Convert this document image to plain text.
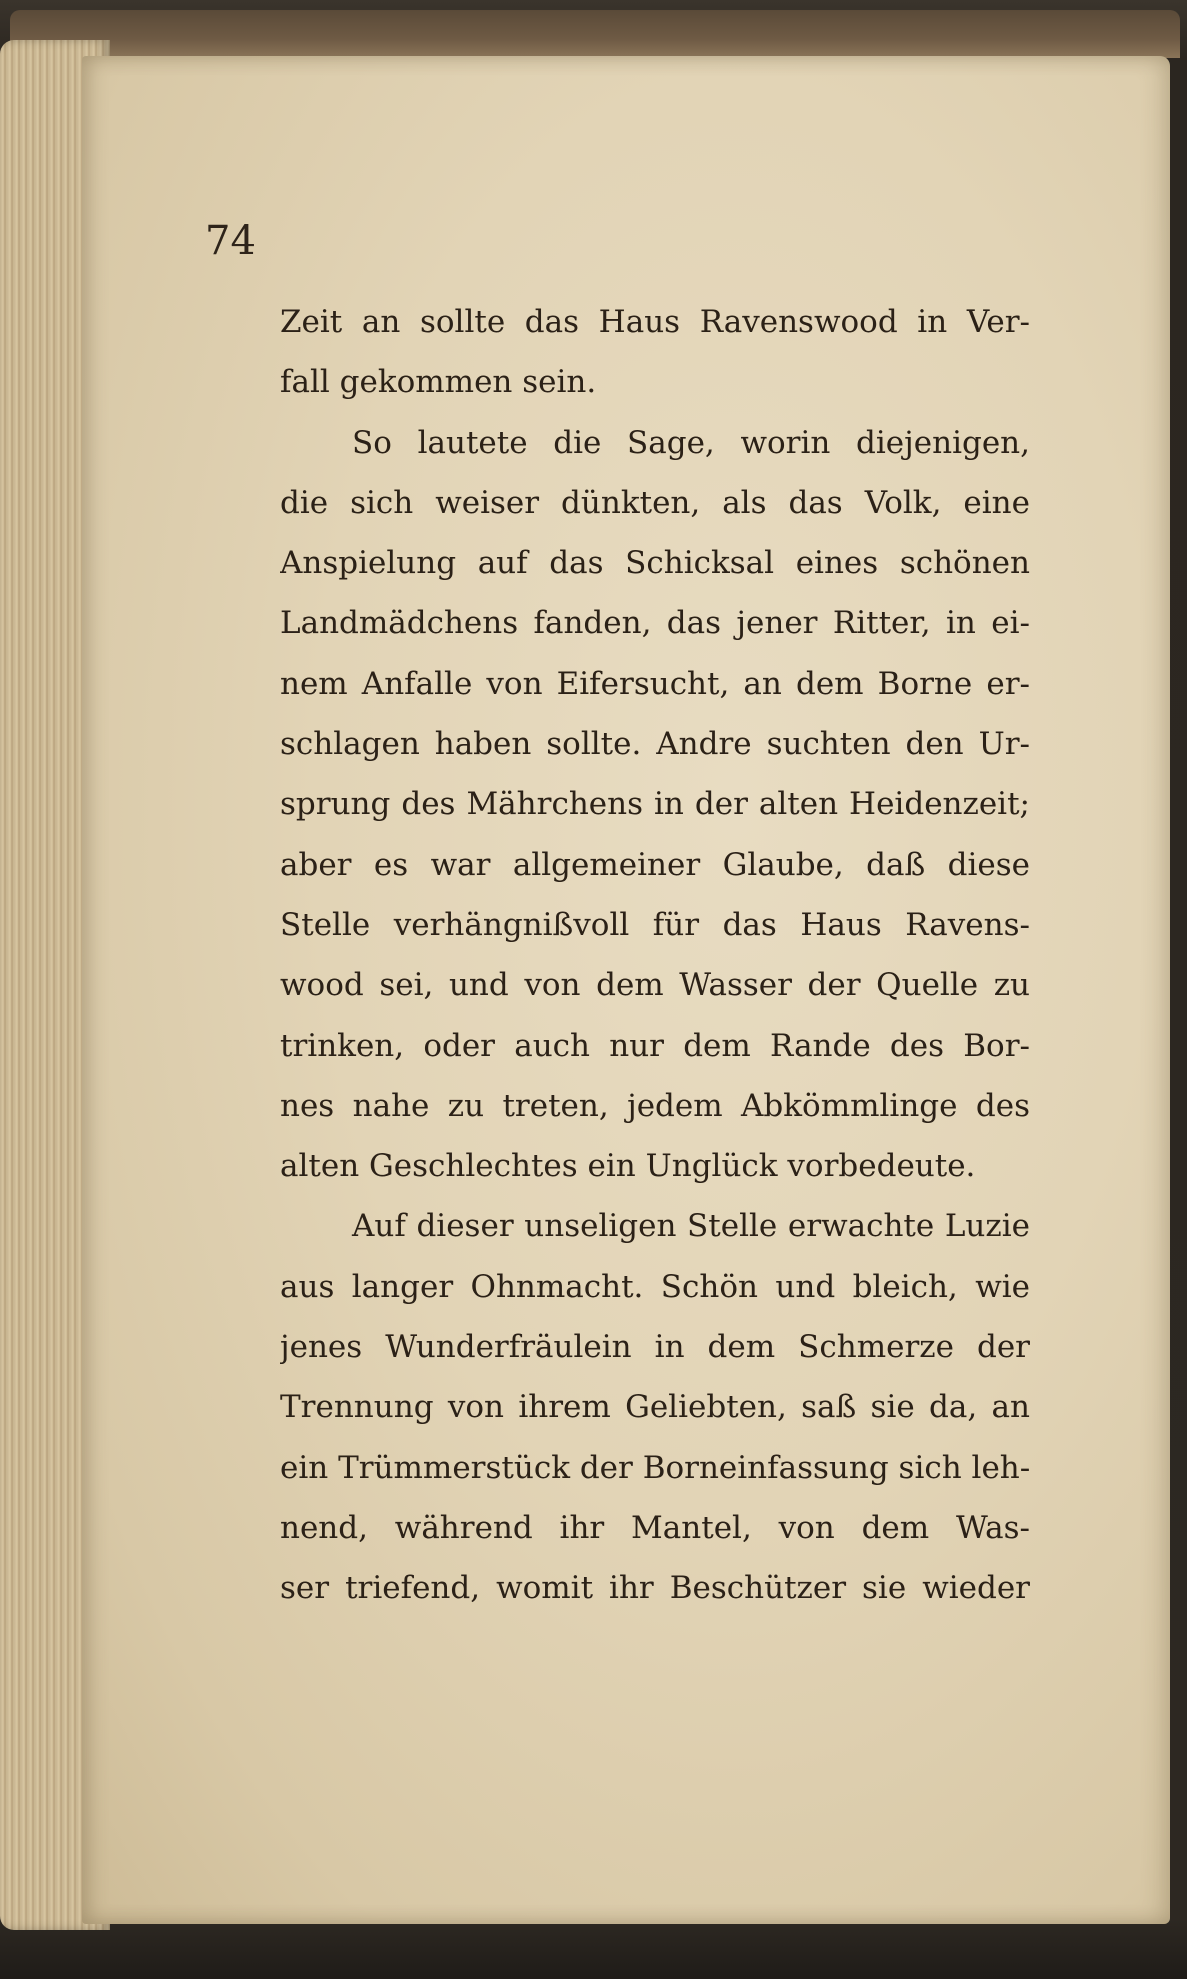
74

Zeit an sollte das Haus Ravenswood in Ver-
fall gekommen sein.
So lautete die Sage, worin diejenigen,
die sich weiser dünkten, als das Volk, eine
Anspielung auf das Schicksal eines schönen
Landmädchens fanden, das jener Ritter, in ei-
nem Anfalle von Eifersucht, an dem Borne er-
schlagen haben sollte. Andre suchten den Ur-
sprung des Mährchens in der alten Heidenzeit;
aber es war allgemeiner Glaube, daß diese
Stelle verhängnißvoll für das Haus Ravens-
wood sei, und von dem Wasser der Quelle zu
trinken, oder auch nur dem Rande des Bor-
nes nahe zu treten, jedem Abkömmlinge des
alten Geschlechtes ein Unglück vorbedeute.
Auf dieser unseligen Stelle erwachte Luzie
aus langer Ohnmacht. Schön und bleich, wie
jenes Wunderfräulein in dem Schmerze der
Trennung von ihrem Geliebten, saß sie da, an
ein Trümmerstück der Borneinfassung sich leh-
nend, während ihr Mantel, von dem Was-
ser triefend, womit ihr Beschützer sie wieder
